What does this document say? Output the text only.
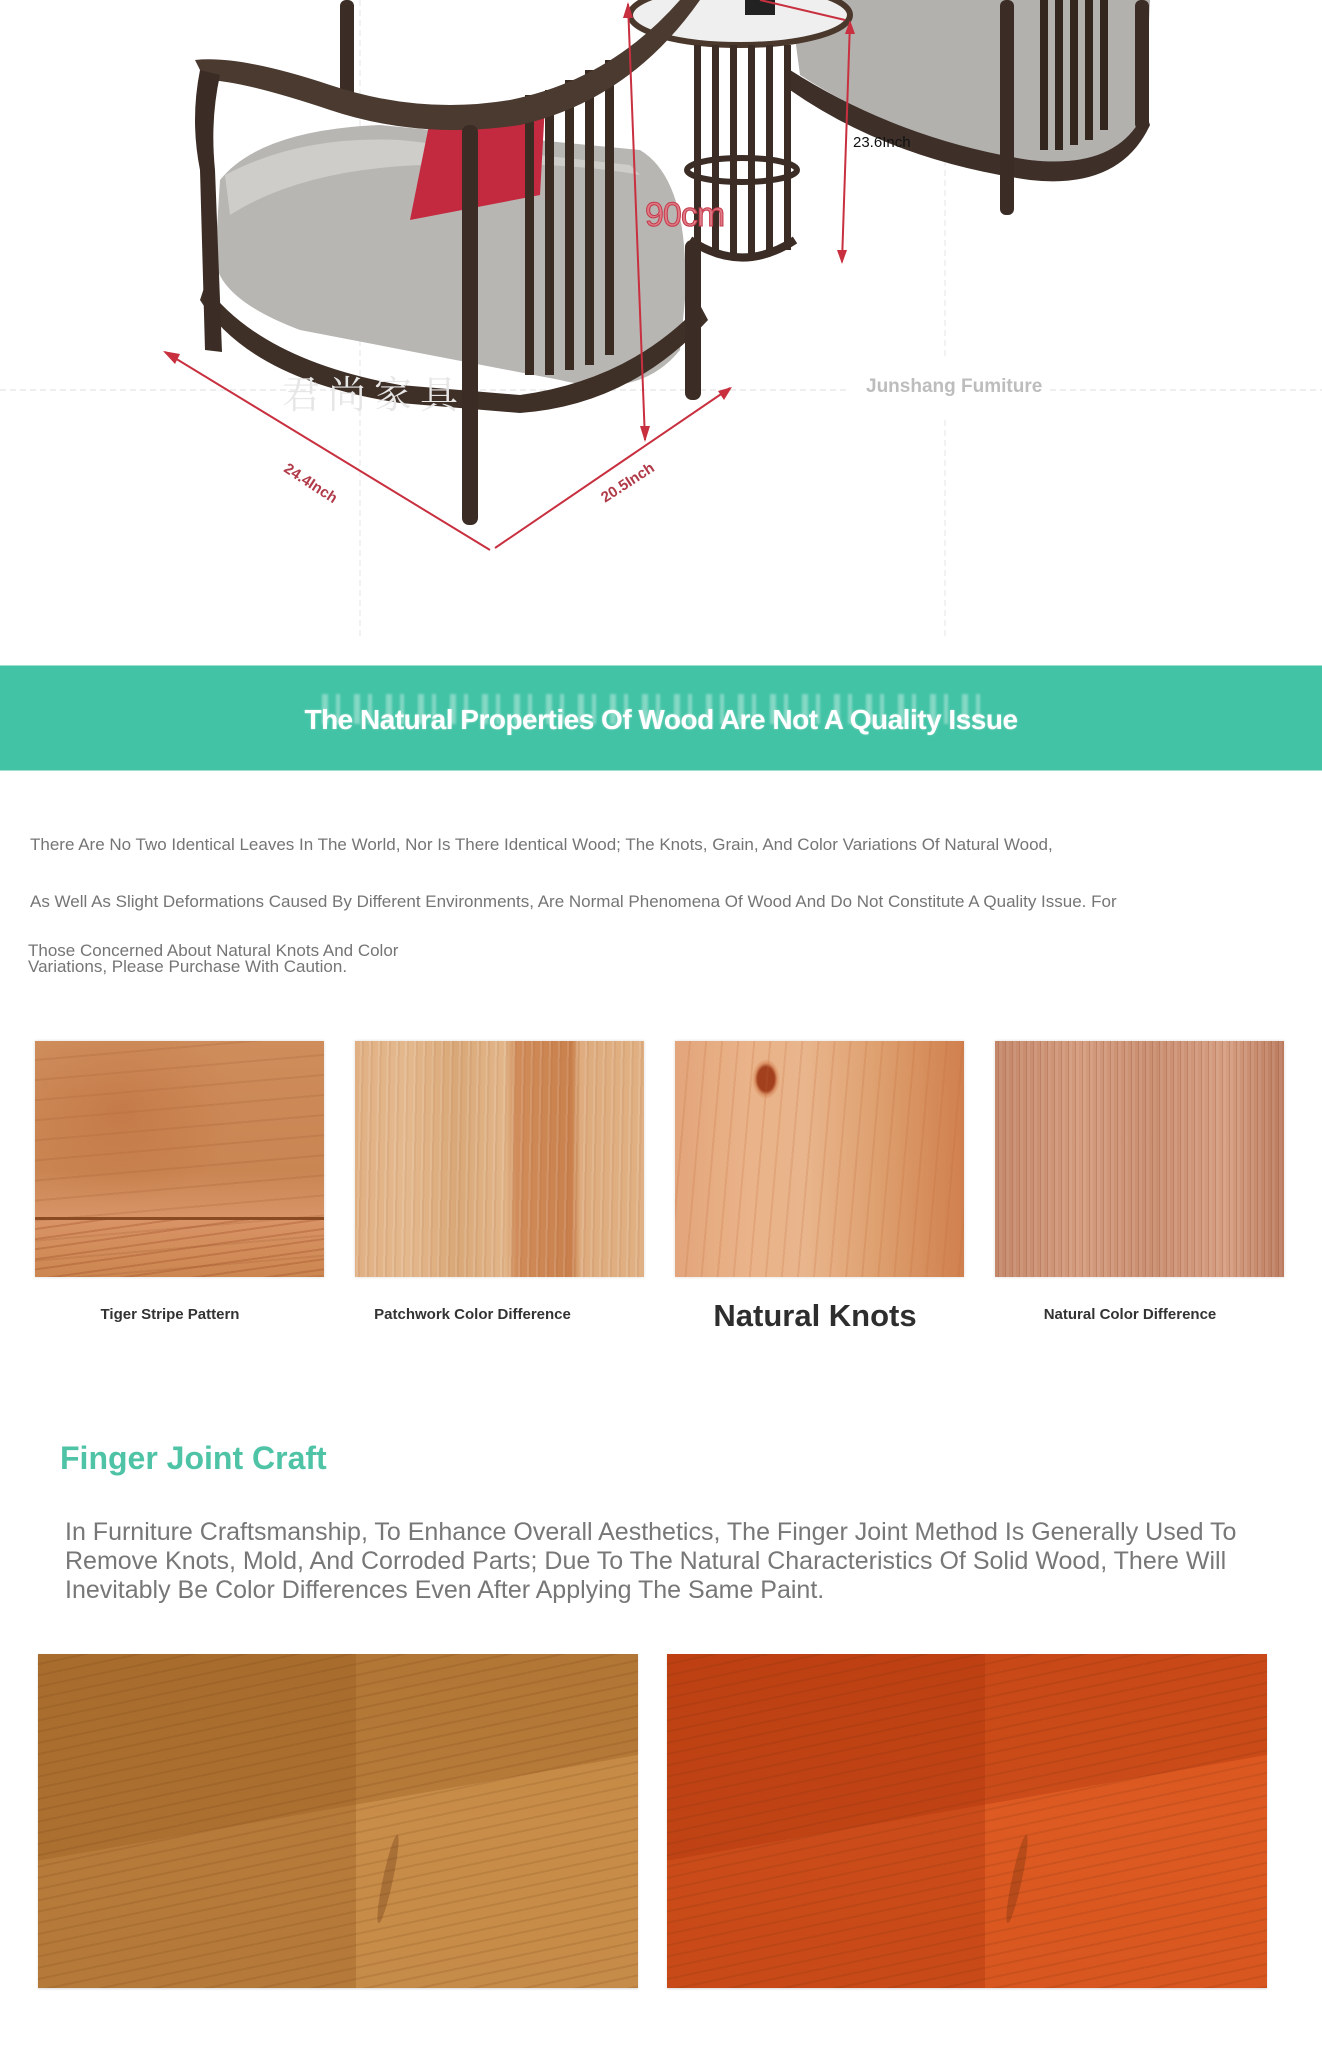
君尚家具
90cm
23.6Inch
24.4Inch	20.5Inch
Junshang Fumiture
The Natural Properties Of Wood Are Not A Quality Issue
There Are No Two Identical Leaves In The World, Nor Is There Identical Wood; The Knots, Grain, And Color Variations Of Natural Wood,
As Well As Slight Deformations Caused By Different Environments, Are Normal Phenomena Of Wood And Do Not Constitute A Quality Issue. For
Those Concerned About Natural Knots And Color Variations, Please Purchase With Caution.
Tiger Stripe Pattern	Patchwork Color Difference	Natural Knots	Natural Color Difference
Finger Joint Craft
In Furniture Craftsmanship, To Enhance Overall Aesthetics, The Finger Joint Method Is Generally Used To Remove Knots, Mold, And Corroded Parts; Due To The Natural Characteristics Of Solid Wood, There Will Inevitably Be Color Differences Even After Applying The Same Paint.
